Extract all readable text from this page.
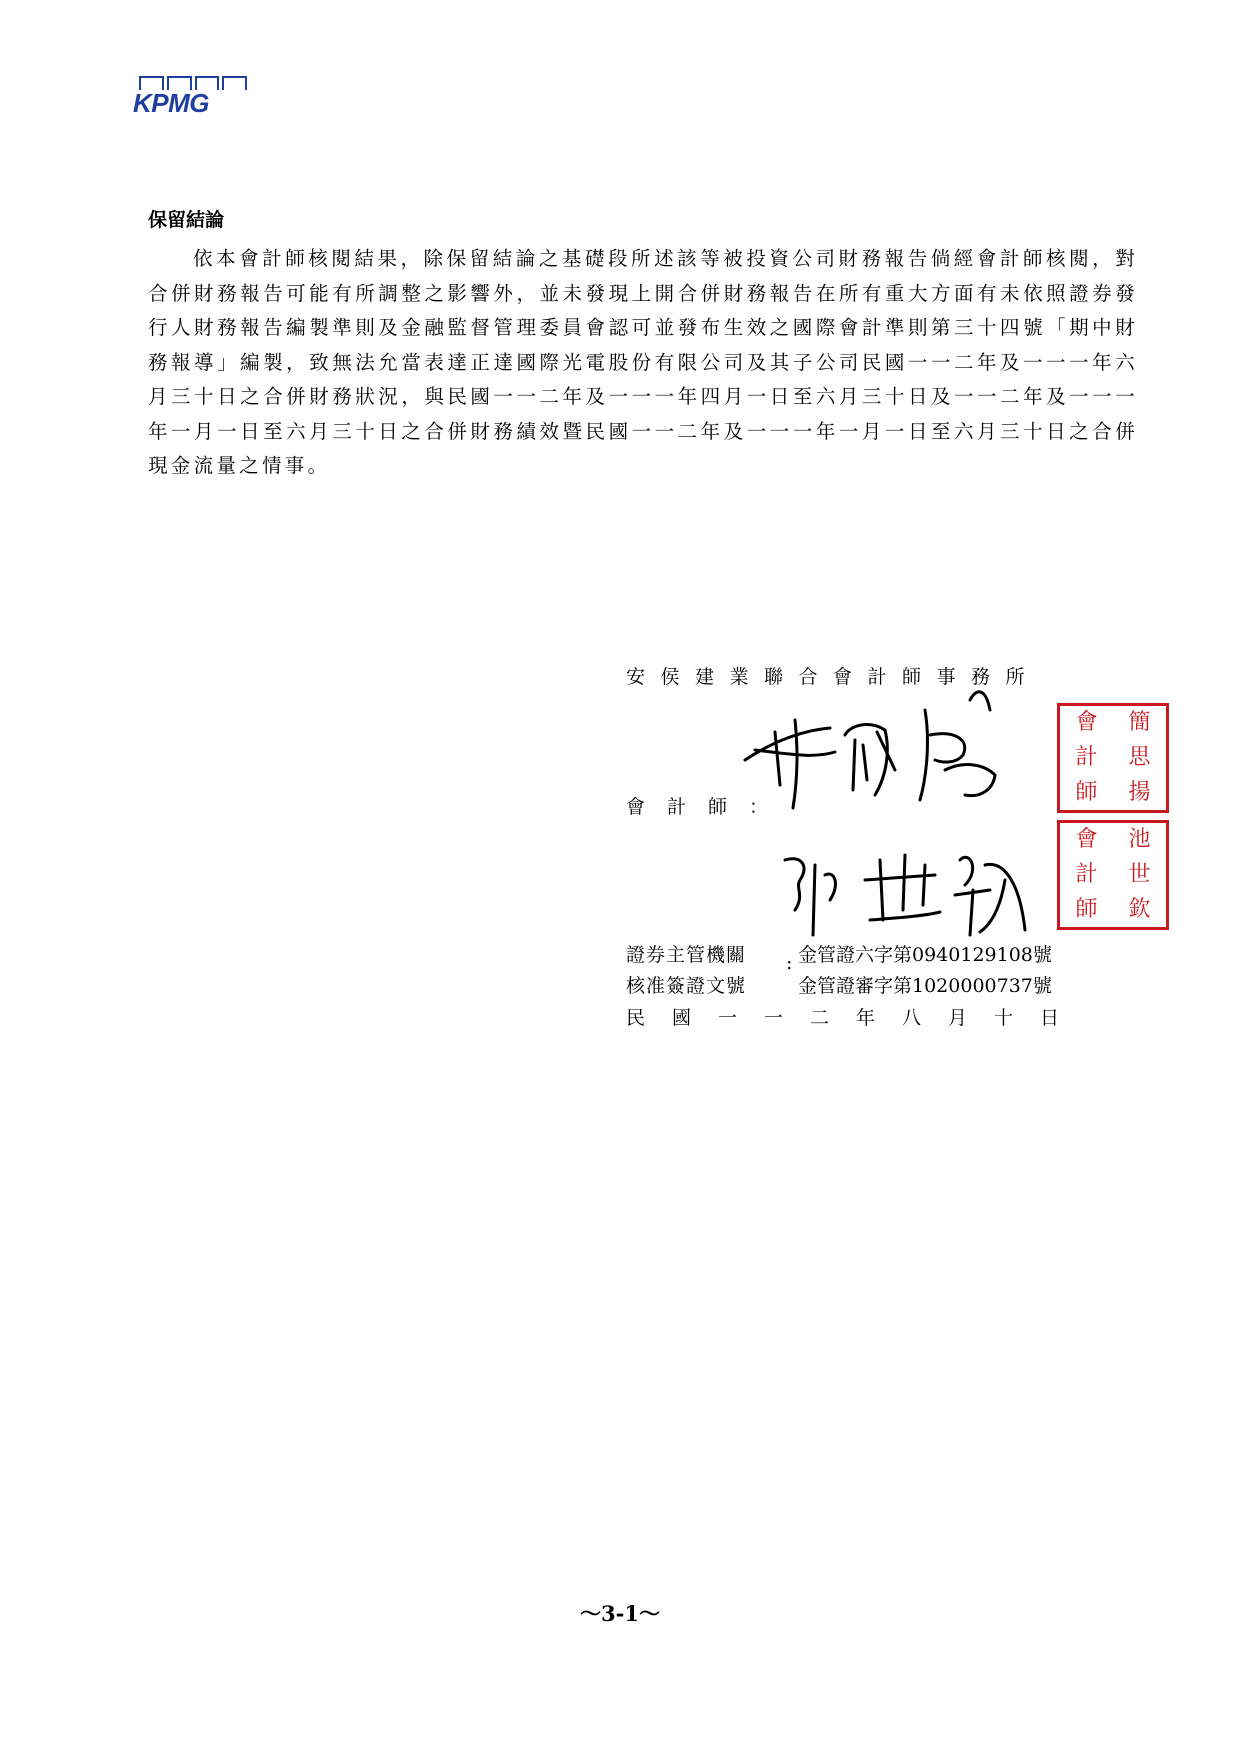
KPMG
保留結論

依本會計師核閱結果，除保留結論之基礎段所述該等被投資公司財務報告倘經會計師核閱，對合併財務報告可能有所調整之影響外，並未發現上開合併財務報告在所有重大方面有未依照證券發行人財務報告編製準則及金融監督管理委員會認可並發布生效之國際會計準則第三十四號「期中財務報導」編製，致無法允當表達正達國際光電股份有限公司及其子公司民國一一二年及一一一年六月三十日之合併財務狀況，與民國一一二年及一一一年四月一日至六月三十日及一一二年及一一一年一月一日至六月三十日之合併財務績效暨民國一一二年及一一一年一月一日至六月三十日之合併現金流量之情事。

安侯建業聯合會計師事務所
會計師：
會	簡
計	思
師	揚
會	池
計	世
師	欽
證券主管機關	金管證六字第0940129108號
:
核准簽證文號	金管證審字第1020000737號
民國一一二年八月十日
～3-1～
